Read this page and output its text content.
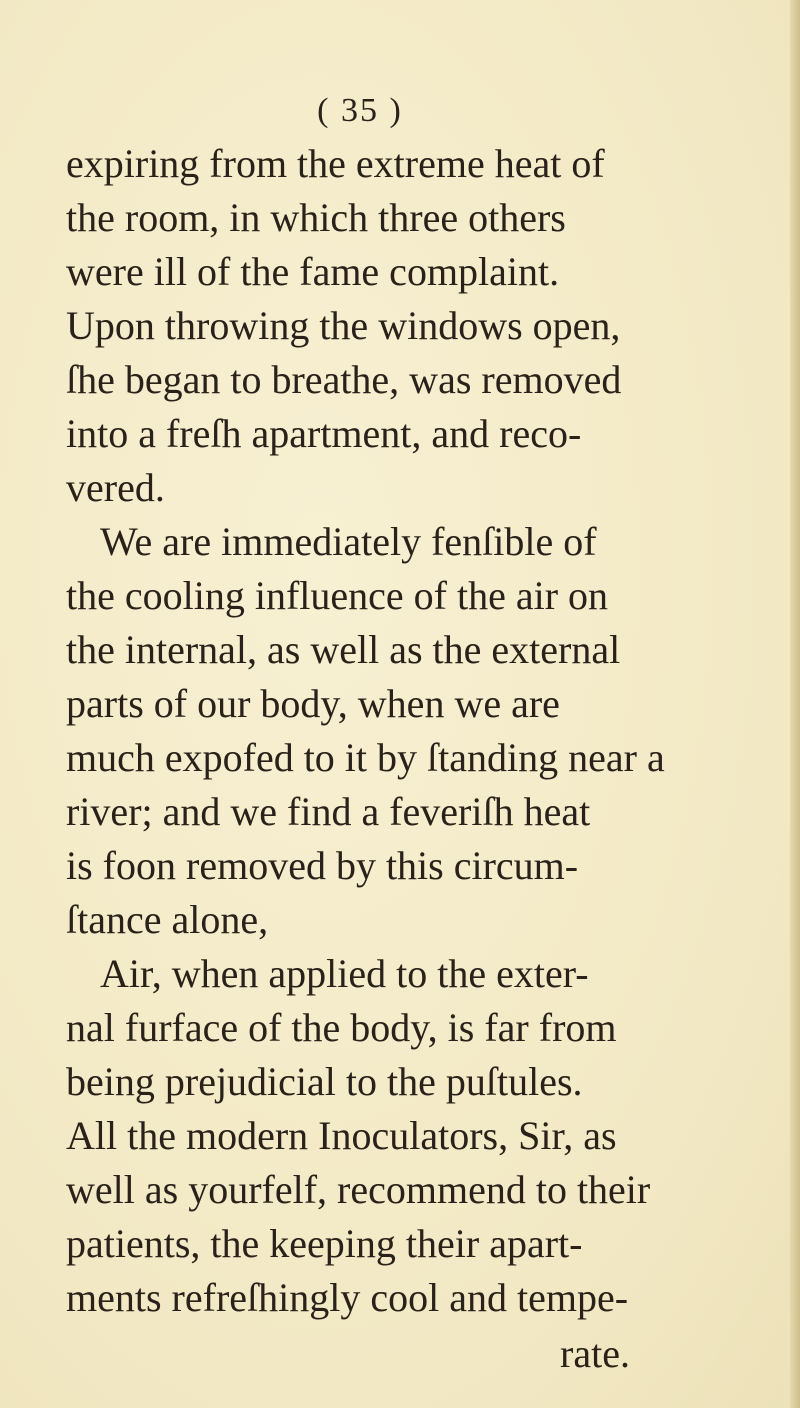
( 35 )
expiring from the extreme heat of
the room, in which three others
were ill of the fame complaint.
Upon throwing the windows open,
ſhe began to breathe, was removed
into a freſh apartment, and reco-
vered.
We are immediately fenſible of
the cooling influence of the air on
the internal, as well as the external
parts of our body, when we are
much expofed to it by ſtanding near a
river; and we find a feveriſh heat
is foon removed by this circum-
ſtance alone,
Air, when applied to the exter-
nal furface of the body, is far from
being prejudicial to the puſtules.
All the modern Inoculators, Sir, as
well as yourfelf, recommend to their
patients, the keeping their apart-
ments refreſhingly cool and tempe-
rate.
